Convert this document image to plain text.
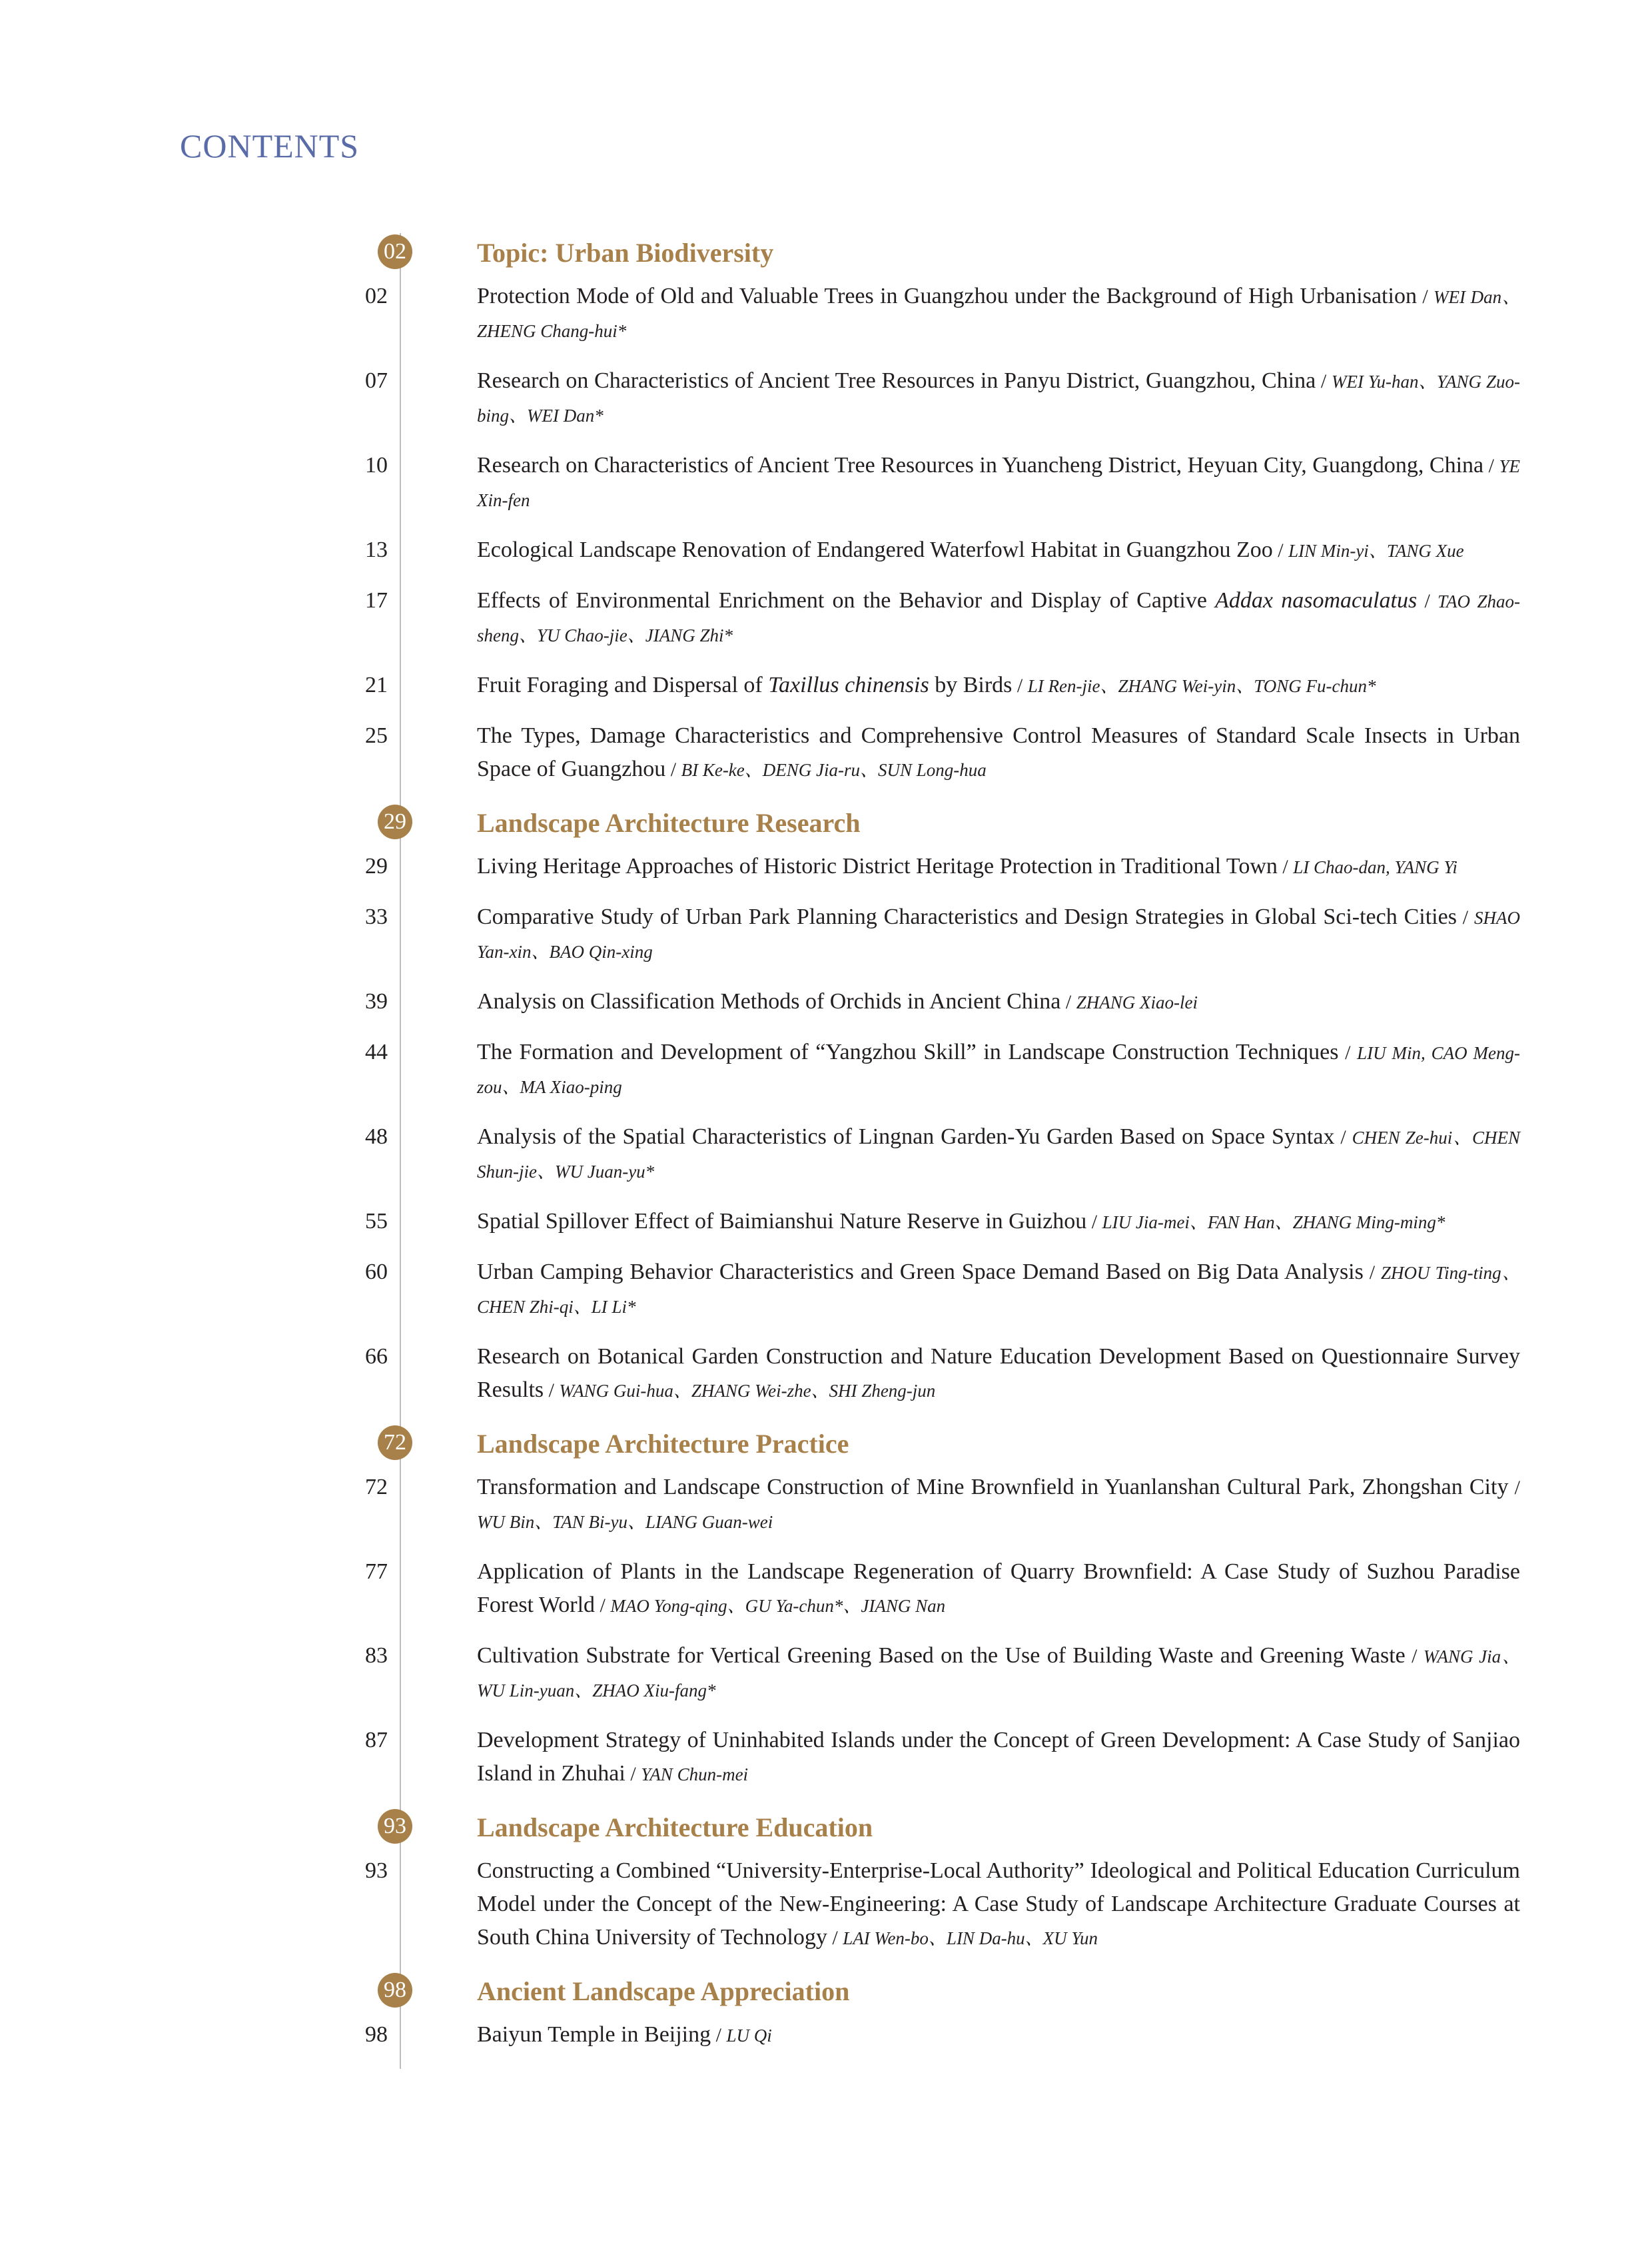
CONTENTS
02	Topic: Urban Biodiversity
02	Protection Mode of Old and Valuable Trees in Guangzhou under the Background of High Urbanisation / WEI Dan、ZHENG Chang-hui*
07	Research on Characteristics of Ancient Tree Resources in Panyu District, Guangzhou, China / WEI Yu-han、YANG Zuo-bing、WEI Dan*
10	Research on Characteristics of Ancient Tree Resources in Yuancheng District, Heyuan City, Guangdong, China / YE Xin-fen
13	Ecological Landscape Renovation of Endangered Waterfowl Habitat in Guangzhou Zoo / LIN Min-yi、TANG Xue
17	Effects of Environmental Enrichment on the Behavior and Display of Captive Addax nasomaculatus / TAO Zhao-sheng、YU Chao-jie、JIANG Zhi*
21	Fruit Foraging and Dispersal of Taxillus chinensis by Birds / LI Ren-jie、ZHANG Wei-yin、TONG Fu-chun*
25	The Types, Damage Characteristics and Comprehensive Control Measures of Standard Scale Insects in Urban Space of Guangzhou / BI Ke-ke、DENG Jia-ru、SUN Long-hua
29	Landscape Architecture Research
29	Living Heritage Approaches of Historic District Heritage Protection in Traditional Town / LI Chao-dan, YANG Yi
33	Comparative Study of Urban Park Planning Characteristics and Design Strategies in Global Sci-tech Cities / SHAO Yan-xin、BAO Qin-xing
39	Analysis on Classification Methods of Orchids in Ancient China / ZHANG Xiao-lei
44	The Formation and Development of “Yangzhou Skill” in Landscape Construction Techniques / LIU Min, CAO Meng-zou、MA Xiao-ping
48	Analysis of the Spatial Characteristics of Lingnan Garden-Yu Garden Based on Space Syntax / CHEN Ze-hui、CHEN Shun-jie、WU Juan-yu*
55	Spatial Spillover Effect of Baimianshui Nature Reserve in Guizhou / LIU Jia-mei、FAN Han、ZHANG Ming-ming*
60	Urban Camping Behavior Characteristics and Green Space Demand Based on Big Data Analysis / ZHOU Ting-ting、CHEN Zhi-qi、LI Li*
66	Research on Botanical Garden Construction and Nature Education Development Based on Questionnaire Survey Results / WANG Gui-hua、ZHANG Wei-zhe、SHI Zheng-jun
72	Landscape Architecture Practice
72	Transformation and Landscape Construction of Mine Brownfield in Yuanlanshan Cultural Park, Zhongshan City / WU Bin、TAN Bi-yu、LIANG Guan-wei
77	Application of Plants in the Landscape Regeneration of Quarry Brownfield: A Case Study of Suzhou Paradise Forest World / MAO Yong-qing、GU Ya-chun*、JIANG Nan
83	Cultivation Substrate for Vertical Greening Based on the Use of Building Waste and Greening Waste / WANG Jia、WU Lin-yuan、ZHAO Xiu-fang*
87	Development Strategy of Uninhabited Islands under the Concept of Green Development: A Case Study of Sanjiao Island in Zhuhai / YAN Chun-mei
93	Landscape Architecture Education
93	Constructing a Combined “University-Enterprise-Local Authority” Ideological and Political Education Curriculum Model under the Concept of the New-Engineering: A Case Study of Landscape Architecture Graduate Courses at South China University of Technology / LAI Wen-bo、LIN Da-hu、XU Yun
98	Ancient Landscape Appreciation
98	Baiyun Temple in Beijing / LU Qi
